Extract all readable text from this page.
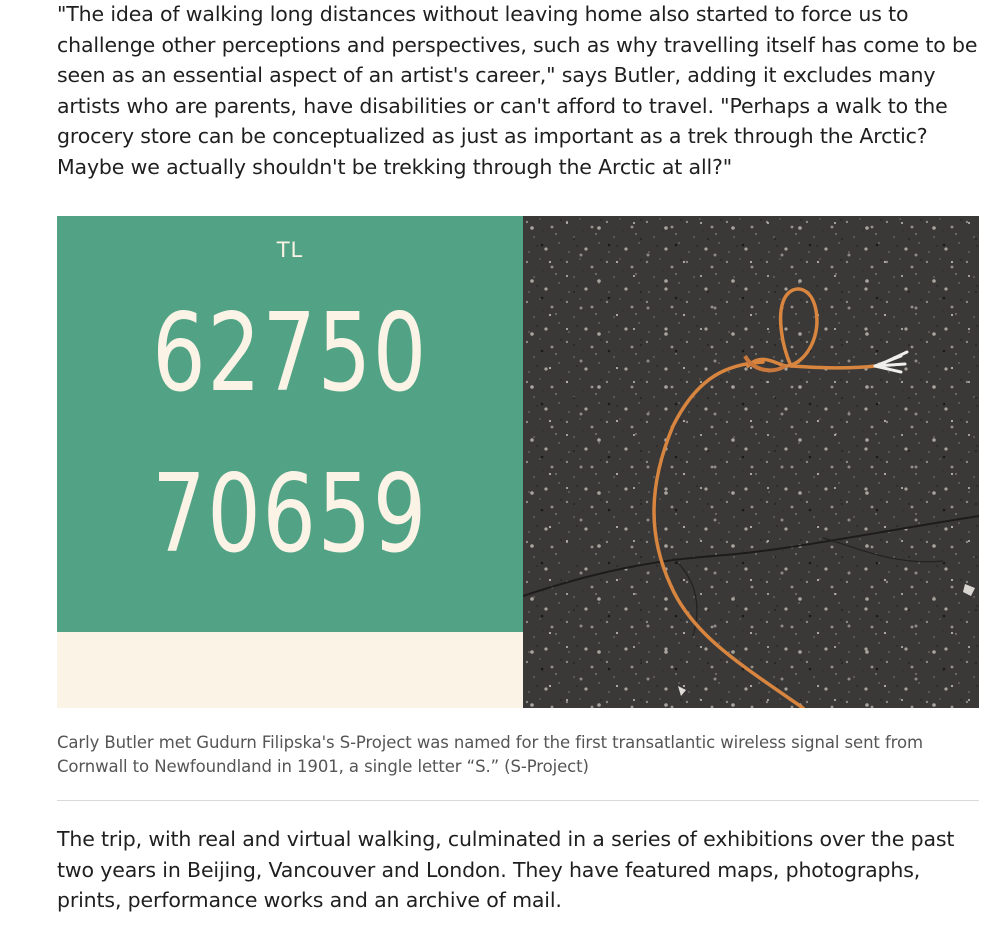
"The idea of walking long distances without leaving home also started to force us to challenge other perceptions and perspectives, such as why travelling itself has come to be seen as an essential aspect of an artist's career," says Butler, adding it excludes many artists who are parents, have disabilities or can't afford to travel. "Perhaps a walk to the grocery store can be conceptualized as just as important as a trek through the Arctic? Maybe we actually shouldn't be trekking through the Arctic at all?"

TL
62750
70659

Carly Butler met Gudurn Filipska's S-Project was named for the first transatlantic wireless signal sent from Cornwall to Newfoundland in 1901, a single letter “S.” (S-Project)

The trip, with real and virtual walking, culminated in a series of exhibitions over the past two years in Beijing, Vancouver and London. They have featured maps, photographs, prints, performance works and an archive of mail.
